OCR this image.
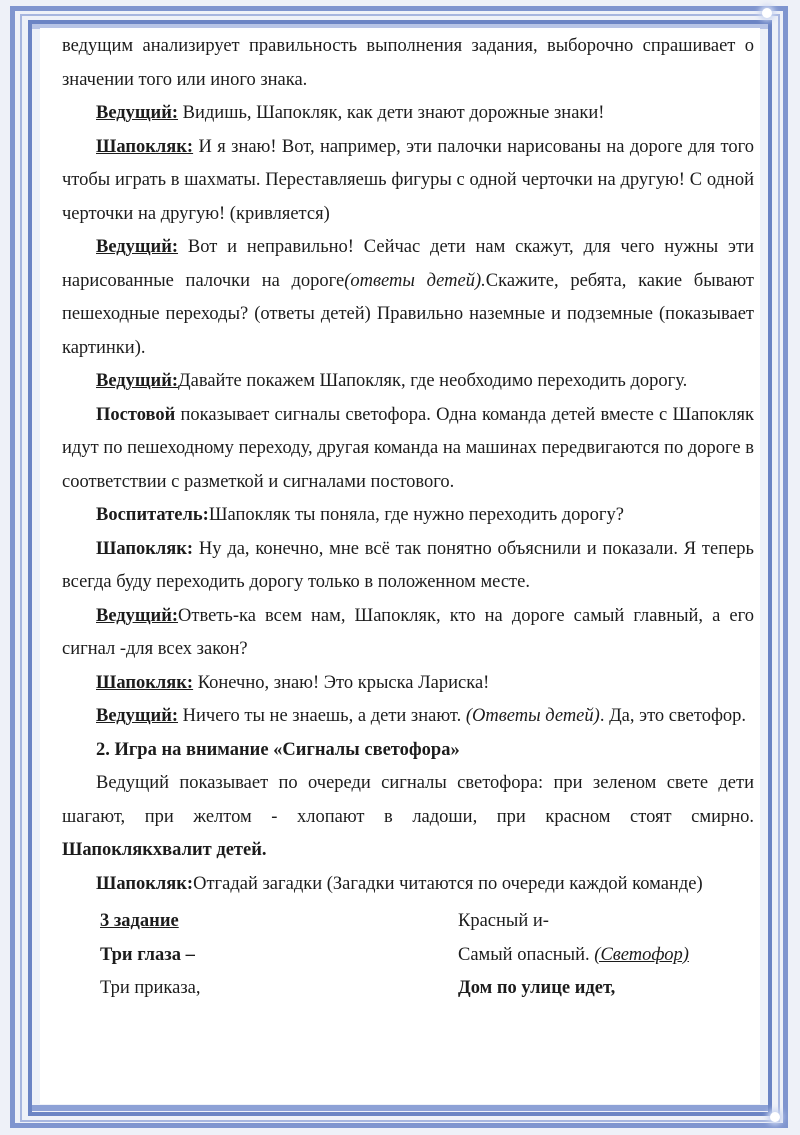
ведущим анализирует правильность выполнения задания, выборочно спрашивает о значении того или иного знака.

Ведущий: Видишь, Шапокляк, как дети знают дорожные знаки!

Шапокляк: И я знаю! Вот, например, эти палочки нарисованы на дороге для того чтобы играть в шахматы. Переставляешь фигуры с одной черточки на другую! С одной черточки на другую! (кривляется)

Ведущий: Вот и неправильно! Сейчас дети нам скажут, для чего нужны эти нарисованные палочки на дороге(ответы детей).Скажите, ребята, какие бывают пешеходные переходы? (ответы детей) Правильно наземные и подземные (показывает картинки).

Ведущий:Давайте покажем Шапокляк, где необходимо переходить дорогу.

Постовой показывает сигналы светофора. Одна команда детей вместе с Шапокляк идут по пешеходному переходу, другая команда на машинах передвигаются по дороге в соответствии с разметкой и сигналами постового.

Воспитатель:Шапокляк ты поняла, где нужно переходить дорогу?

Шапокляк: Ну да, конечно, мне всё так понятно объяснили и показали. Я теперь всегда буду переходить дорогу только в положенном месте.

Ведущий:Ответь-ка всем нам, Шапокляк, кто на дороге самый главный, а его сигнал -для всех закон?

Шапокляк: Конечно, знаю! Это крыска Лариска!

Ведущий: Ничего ты не знаешь, а дети знают. (Ответы детей). Да, это светофор.

2. Игра на внимание «Сигналы светофора»

Ведущий показывает по очереди сигналы светофора: при зеленом свете дети шагают, при желтом - хлопают в ладоши, при красном стоят смирно. Шапоклякхвалит детей.

Шапокляк:Отгадай загадки (Загадки читаются по очереди каждой команде)

3 задание

Три глаза –

Три приказа,

Красный и-

Самый опасный. (Светофор)

Дом по улице идет,
